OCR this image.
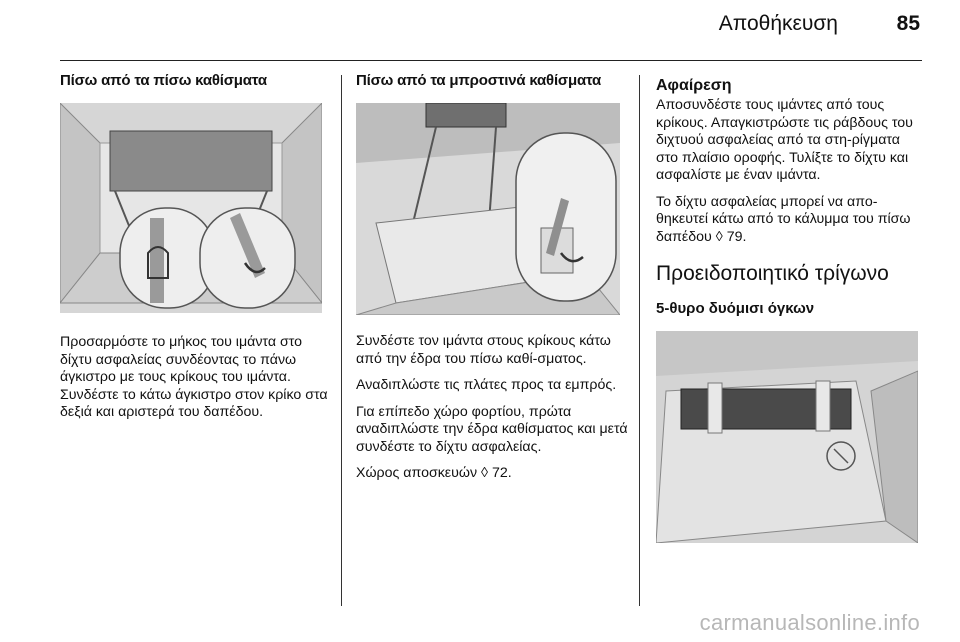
Αποθήκευση	85
Πίσω από τα πίσω καθίσματα

Προσαρμόστε το μήκος του ιμάντα στο δίχτυ ασφαλείας συνδέοντας το πάνω άγκιστρο με τους κρίκους του ιμάντα. Συνδέστε το κάτω άγκιστρο στον κρίκο στα δεξιά και αριστερά του δαπέδου.

Πίσω από τα μπροστινά καθίσματα

Συνδέστε τον ιμάντα στους κρίκους κάτω από την έδρα του πίσω καθί-σματος.

Αναδιπλώστε τις πλάτες προς τα εμπρός.

Για επίπεδο χώρο φορτίου, πρώτα αναδιπλώστε την έδρα καθίσματος και μετά συνδέστε το δίχτυ ασφαλείας.

Χώρος αποσκευών ◊ 72.

Αφαίρεση

Αποσυνδέστε τους ιμάντες από τους κρίκους. Απαγκιστρώστε τις ράβδους του διχτυού ασφαλείας από τα στη-ρίγματα στο πλαίσιο οροφής. Τυλίξτε το δίχτυ και ασφαλίστε με έναν ιμάντα.

Το δίχτυ ασφαλείας μπορεί να απο-θηκευτεί κάτω από το κάλυμμα του πίσω δαπέδου ◊ 79.

Προειδοποιητικό τρίγωνο
5-θυρο δυόμισι όγκων
carmanualsonline.info
